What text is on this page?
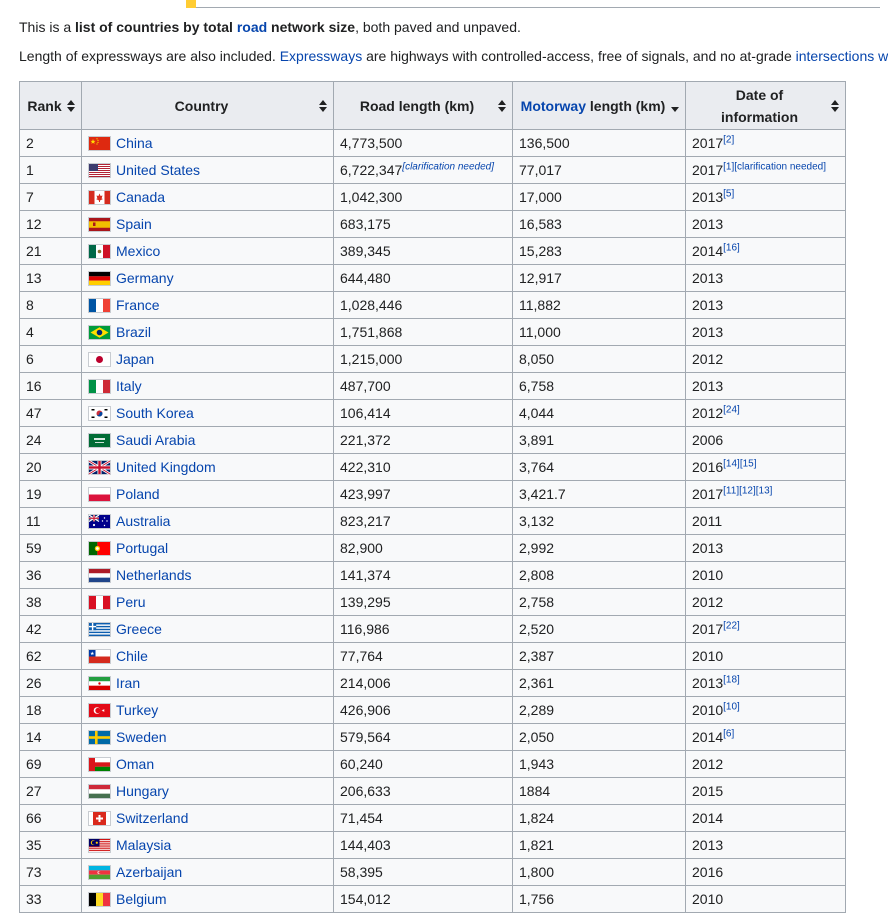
This is a list of countries by total road network size, both paved and unpaved.
Length of expressways are also included. Expressways are highways with controlled-access, free of signals, and no at-grade intersections w
Rank	Country	Road length (km)	Motorway length (km)	Date of
information

2	China	4,773,500	136,500	2017[2]
1	United States	6,722,347[clarification needed]	77,017	2017[1][clarification needed]
7	Canada	1,042,300	17,000	2013[5]
12	Spain	683,175	16,583	2013
21	Mexico	389,345	15,283	2014[16]
13	Germany	644,480	12,917	2013
8	France	1,028,446	11,882	2013
4	Brazil	1,751,868	11,000	2013
6	Japan	1,215,000	8,050	2012
16	Italy	487,700	6,758	2013
47	South Korea	106,414	4,044	2012[24]
24	Saudi Arabia	221,372	3,891	2006
20	United Kingdom	422,310	3,764	2016[14][15]
19	Poland	423,997	3,421.7	2017[11][12][13]
11	Australia	823,217	3,132	2011
59	Portugal	82,900	2,992	2013
36	Netherlands	141,374	2,808	2010
38	Peru	139,295	2,758	2012
42	Greece	116,986	2,520	2017[22]
62	Chile	77,764	2,387	2010
26	Iran	214,006	2,361	2013[18]
18	Turkey	426,906	2,289	2010[10]
14	Sweden	579,564	2,050	2014[6]
69	Oman	60,240	1,943	2012
27	Hungary	206,633	1884	2015
66	Switzerland	71,454	1,824	2014
35	Malaysia	144,403	1,821	2013
73	Azerbaijan	58,395	1,800	2016
33	Belgium	154,012	1,756	2010
